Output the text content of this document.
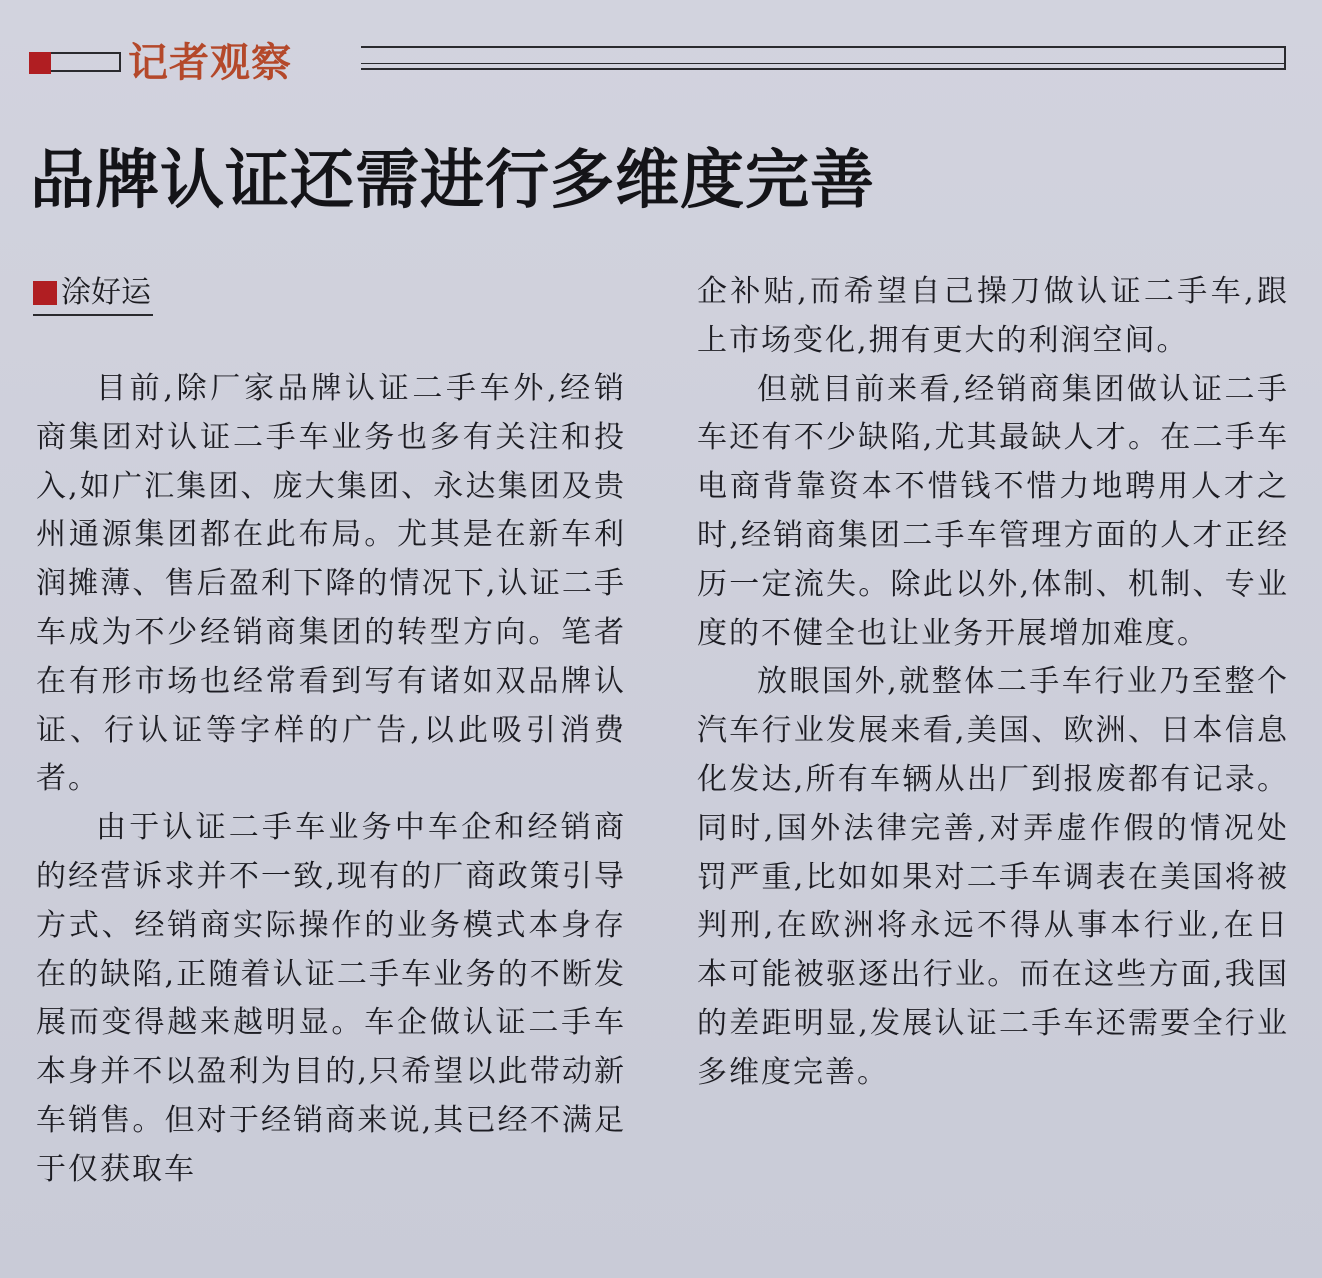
记者观察
品牌认证还需进行多维度完善
涂好运

目前,除厂家品牌认证二手车外,经销商集团对认证二手车业务也多有关注和投入,如广汇集团、庞大集团、永达集团及贵州通源集团都在此布局。尤其是在新车利润摊薄、售后盈利下降的情况下,认证二手车成为不少经销商集团的转型方向。笔者在有形市场也经常看到写有诸如双品牌认证、行认证等字样的广告,以此吸引消费者。

由于认证二手车业务中车企和经销商的经营诉求并不一致,现有的厂商政策引导方式、经销商实际操作的业务模式本身存在的缺陷,正随着认证二手车业务的不断发展而变得越来越明显。车企做认证二手车本身并不以盈利为目的,只希望以此带动新车销售。但对于经销商来说,其已经不满足于仅获取车

企补贴,而希望自己操刀做认证二手车,跟上市场变化,拥有更大的利润空间。

但就目前来看,经销商集团做认证二手车还有不少缺陷,尤其最缺人才。在二手车电商背靠资本不惜钱不惜力地聘用人才之时,经销商集团二手车管理方面的人才正经历一定流失。除此以外,体制、机制、专业度的不健全也让业务开展增加难度。

放眼国外,就整体二手车行业乃至整个汽车行业发展来看,美国、欧洲、日本信息化发达,所有车辆从出厂到报废都有记录。同时,国外法律完善,对弄虚作假的情况处罚严重,比如如果对二手车调表在美国将被判刑,在欧洲将永远不得从事本行业,在日本可能被驱逐出行业。而在这些方面,我国的差距明显,发展认证二手车还需要全行业多维度完善。
